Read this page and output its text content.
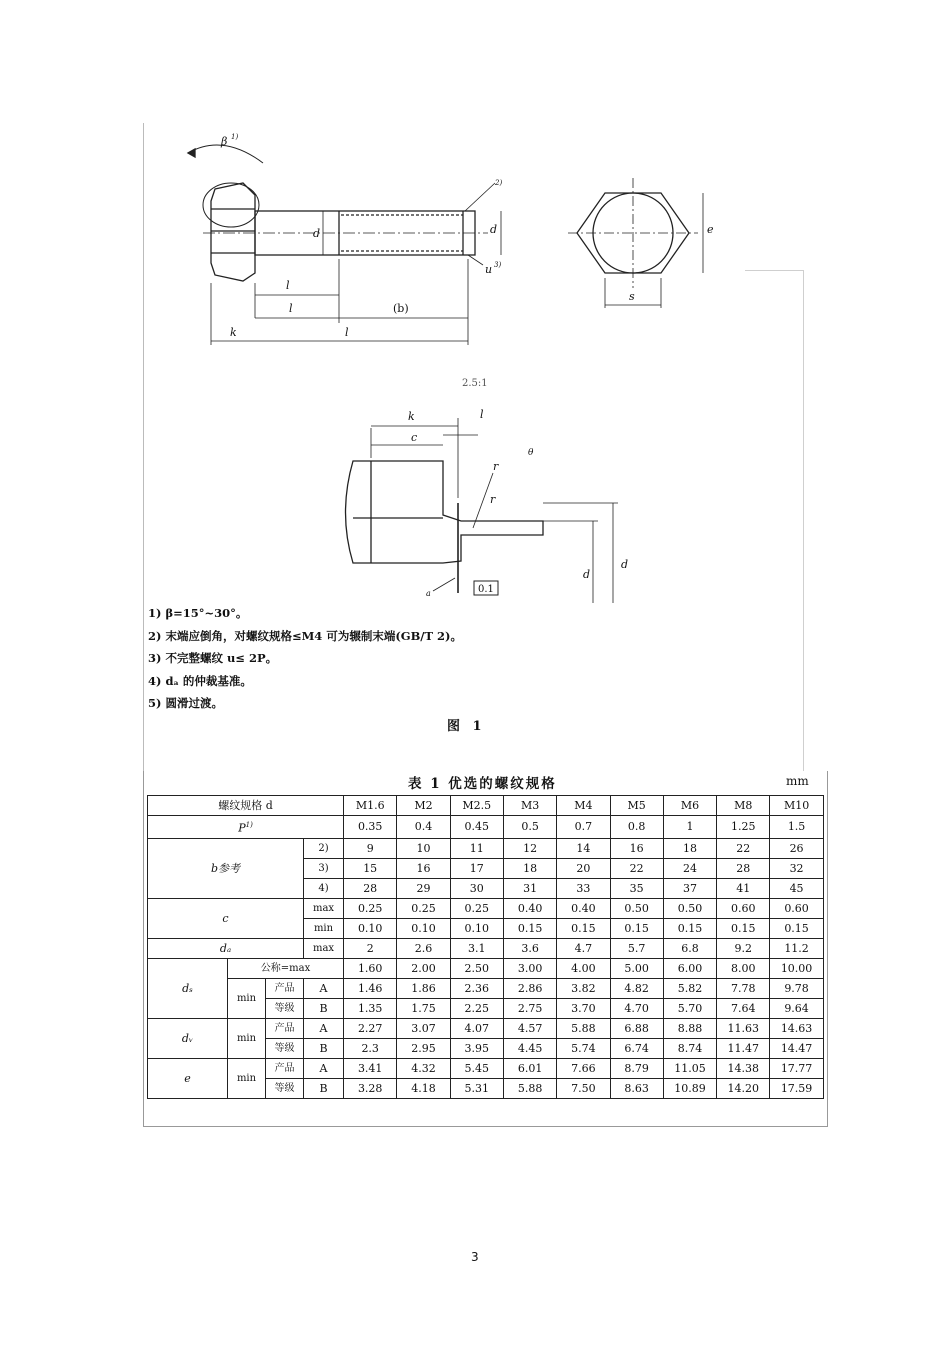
β 1)
2)
d	d
u 3)
l
l	(b)
k	l
s
e
k	l
c
r
r
θ
d
d
0.1
a
2.5:1
1) β=15°~30°。
2) 末端应倒角，对螺纹规格≤M4 可为辗制末端(GB/T 2)。
3) 不完整螺纹 u≤ 2P。
4) dₐ 的仲裁基准。
5) 圆滑过渡。
图 1
表 1 优选的螺纹规格	mm
螺纹规格 d				M1.6	M2	M2.5	M3	M4	M5	M6	M8	M10
$P^{1)}$				0.35	0.4	0.45	0.5	0.7	0.8	1	1.25	1.5
b参考			2)	9	10	11	12	14	16	18	22	26
			3)	15	16	17	18	20	22	24	28	32
			4)	28	29	30	31	33	35	37	41	45
c			max	0.25	0.25	0.25	0.40	0.40	0.50	0.50	0.60	0.60
			min	0.10	0.10	0.10	0.15	0.15	0.15	0.15	0.15	0.15
dₐ			max	2	2.6	3.1	3.6	4.7	5.7	6.8	9.2	11.2
dₛ	公称=max			1.60	2.00	2.50	3.00	4.00	5.00	6.00	8.00	10.00
	min	产品	A	1.46	1.86	2.36	2.86	3.82	4.82	5.82	7.78	9.78
		等级	B	1.35	1.75	2.25	2.75	3.70	4.70	5.70	7.64	9.64
dᵥ	min	产品	A	2.27	3.07	4.07	4.57	5.88	6.88	8.88	11.63	14.63
		等级	B	2.3	2.95	3.95	4.45	5.74	6.74	8.74	11.47	14.47
e	min	产品	A	3.41	4.32	5.45	6.01	7.66	8.79	11.05	14.38	17.77
		等级	B	3.28	4.18	5.31	5.88	7.50	8.63	10.89	14.20	17.59
3
